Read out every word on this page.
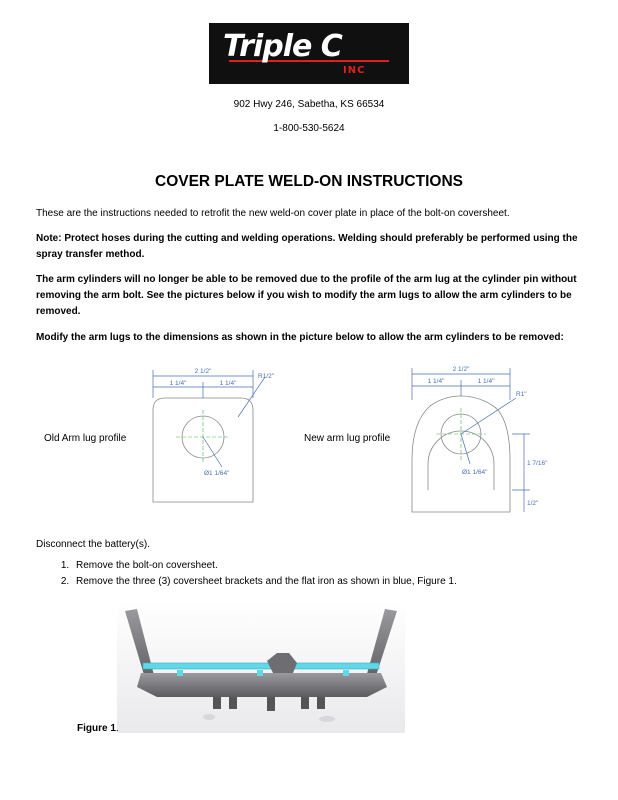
Triple C
INC
902 Hwy 246, Sabetha, KS 66534
1-800-530-5624
COVER PLATE WELD-ON INSTRUCTIONS
These are the instructions needed to retrofit the new weld-on cover plate in place of the bolt-on coversheet.
Note: Protect hoses during the cutting and welding operations. Welding should preferably be performed using the spray transfer method.
The arm cylinders will no longer be able to be removed due to the profile of the arm lug at the cylinder pin without removing the arm bolt. See the pictures below if you wish to modify the arm lugs to allow the arm cylinders to be removed.
Modify the arm lugs to the dimensions as shown in the picture below to allow the arm cylinders to be removed:
Old Arm lug profile	New arm lug profile
2 1/2"
1 1/4"	1 1/4"
R1/2"
Ø1 1/64"
2 1/2"
1 1/4"	1 1/4"
R1"
Ø1 1/64"
1 7/16"
1/2"
Disconnect the battery(s).
1. Remove the bolt-on coversheet.
2. Remove the three (3) coversheet brackets and the flat iron as shown in blue, Figure 1.
Figure 1.
